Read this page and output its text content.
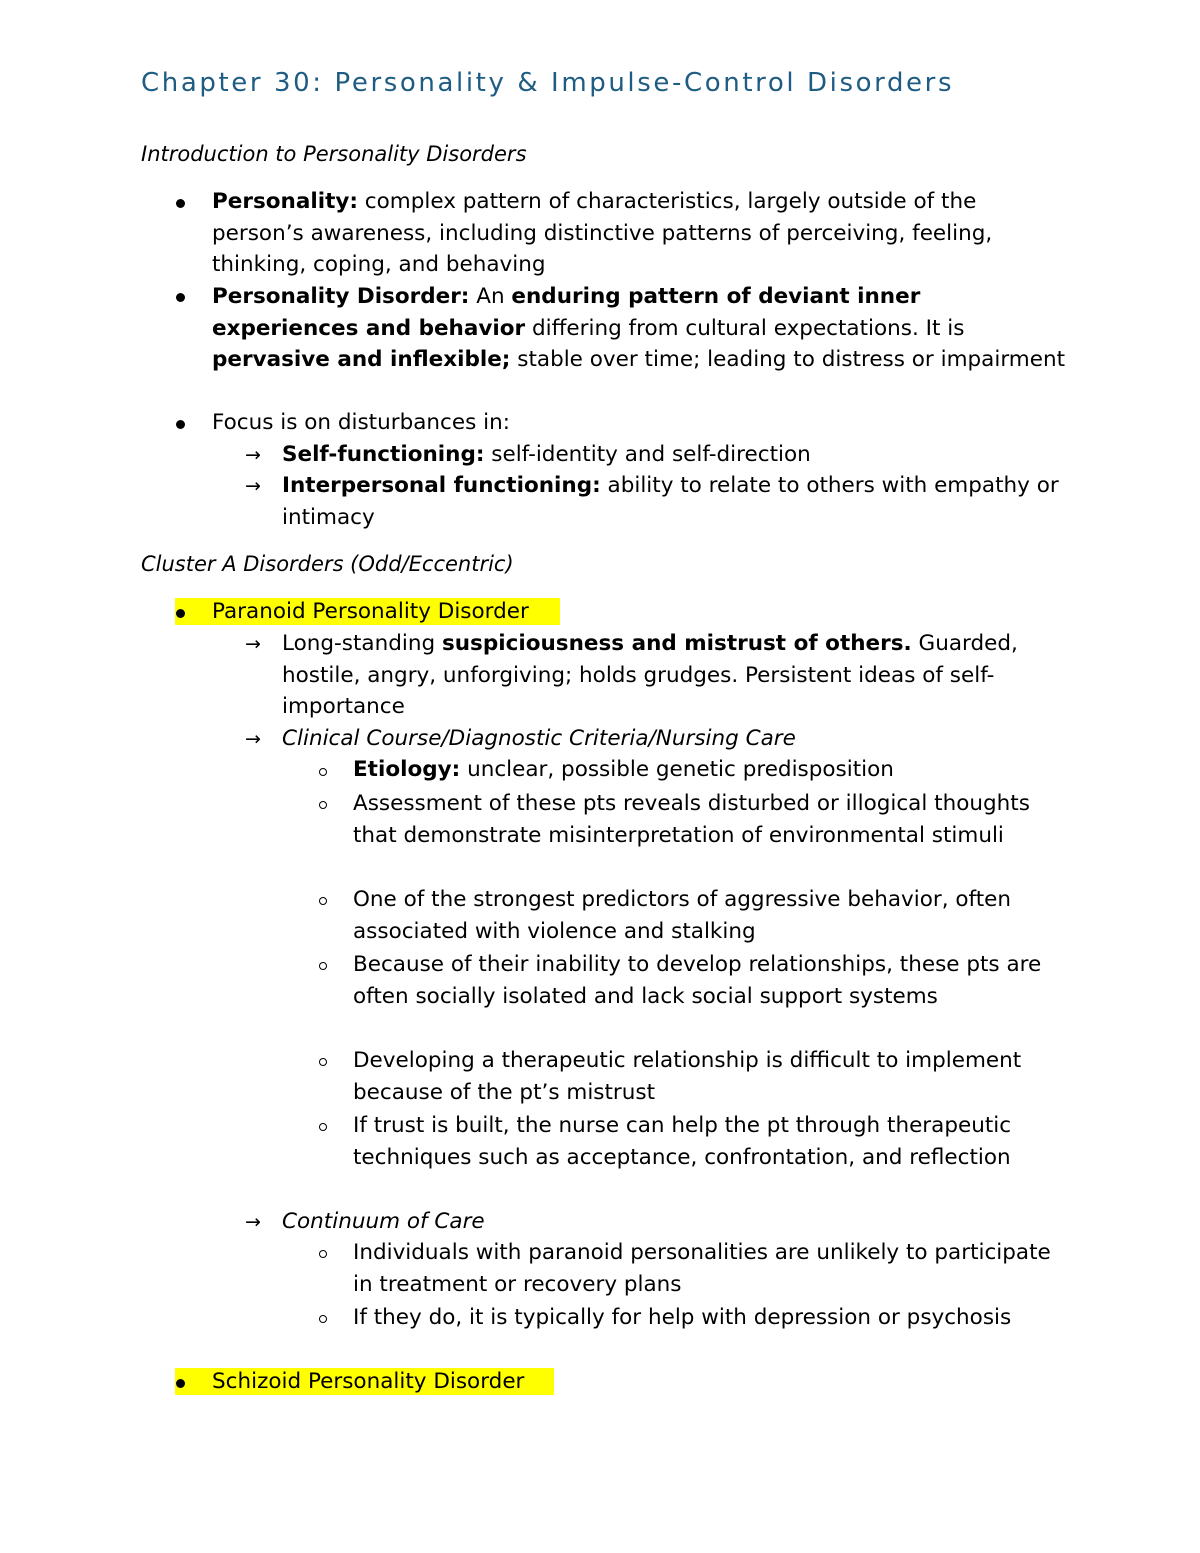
Chapter 30: Personality & Impulse-Control Disorders
Introduction to Personality Disorders

Personality: complex pattern of characteristics, largely outside of the person’s awareness, including distinctive patterns of perceiving, feeling, thinking, coping, and behaving

Personality Disorder: An enduring pattern of deviant inner experiences and behavior differing from cultural expectations. It is pervasive and inflexible; stable over time; leading to distress or impairment

Focus is on disturbances in:

→ Self-functioning: self-identity and self-direction

→ Interpersonal functioning: ability to relate to others with empathy or intimacy

Cluster A Disorders (Odd/Eccentric)

Paranoid Personality Disorder

→ Long-standing suspiciousness and mistrust of others. Guarded, hostile, angry, unforgiving; holds grudges. Persistent ideas of self-importance

→ Clinical Course/Diagnostic Criteria/Nursing Care

Etiology: unclear, possible genetic predisposition

Assessment of these pts reveals disturbed or illogical thoughts that demonstrate misinterpretation of environmental stimuli

One of the strongest predictors of aggressive behavior, often associated with violence and stalking

Because of their inability to develop relationships, these pts are often socially isolated and lack social support systems

Developing a therapeutic relationship is difficult to implement because of the pt’s mistrust

If trust is built, the nurse can help the pt through therapeutic techniques such as acceptance, confrontation, and reflection

→ Continuum of Care

Individuals with paranoid personalities are unlikely to participate in treatment or recovery plans

If they do, it is typically for help with depression or psychosis

Schizoid Personality Disorder
